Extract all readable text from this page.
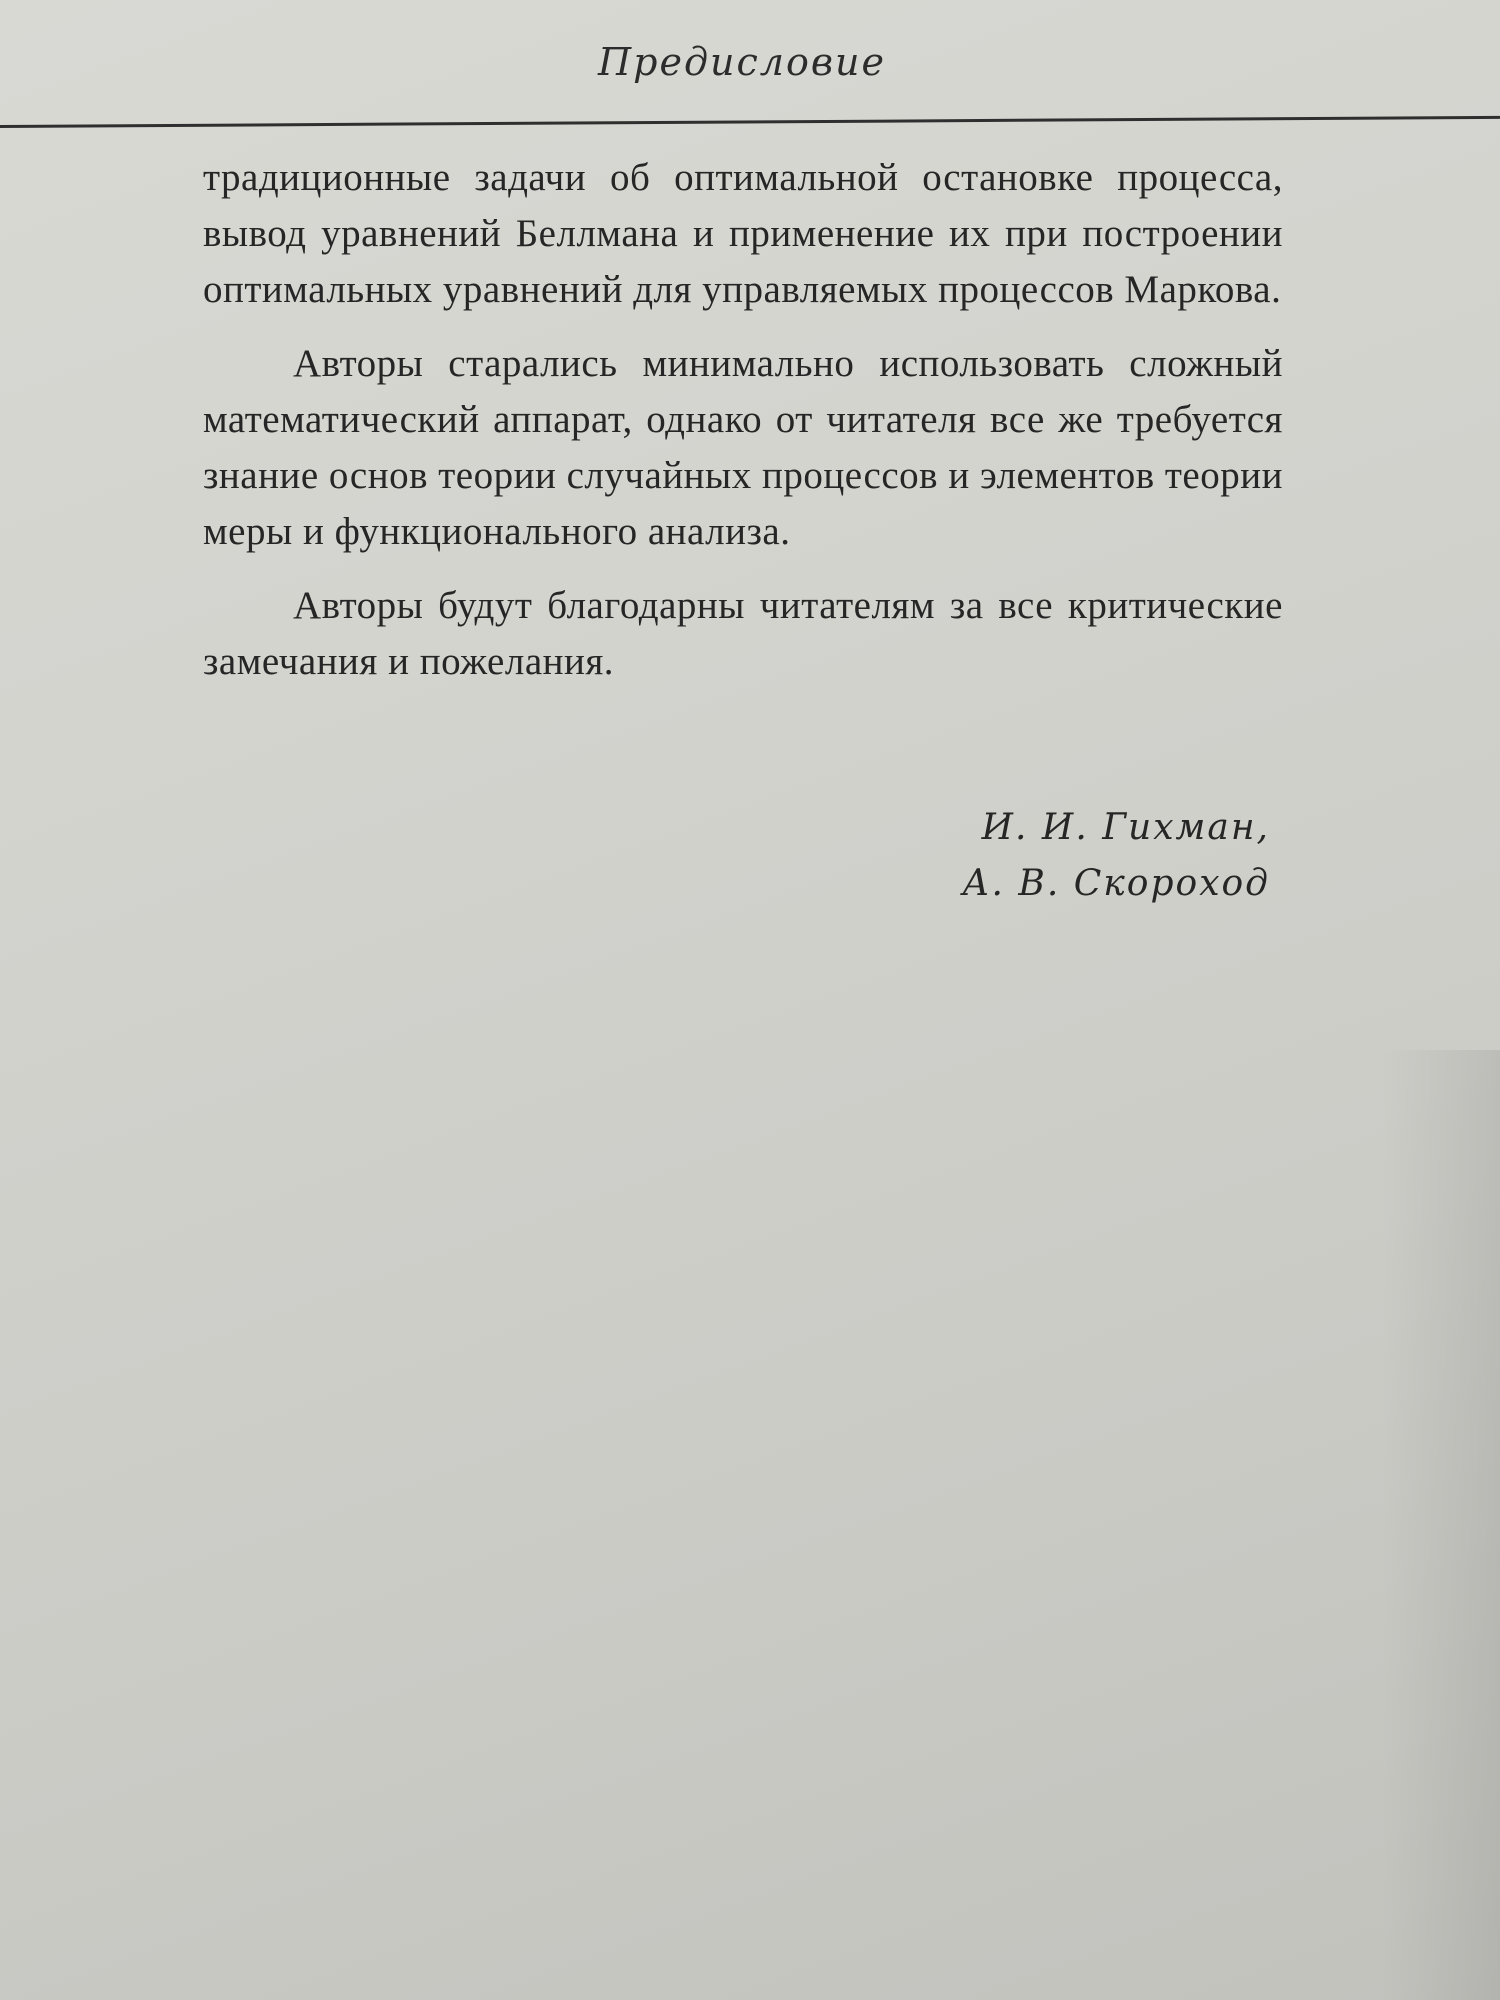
Предисловие

традиционные задачи об оптимальной остановке процесса, вывод уравнений Беллмана и применение их при построении оптимальных уравнений для управляемых процессов Маркова.

Авторы старались минимально использовать сложный математический аппарат, однако от читателя все же требуется знание основ теории случайных процессов и элементов теории меры и функционального анализа.

Авторы будут благодарны читателям за все критические замечания и пожелания.

И. И. Гихман,
А. В. Скороход
